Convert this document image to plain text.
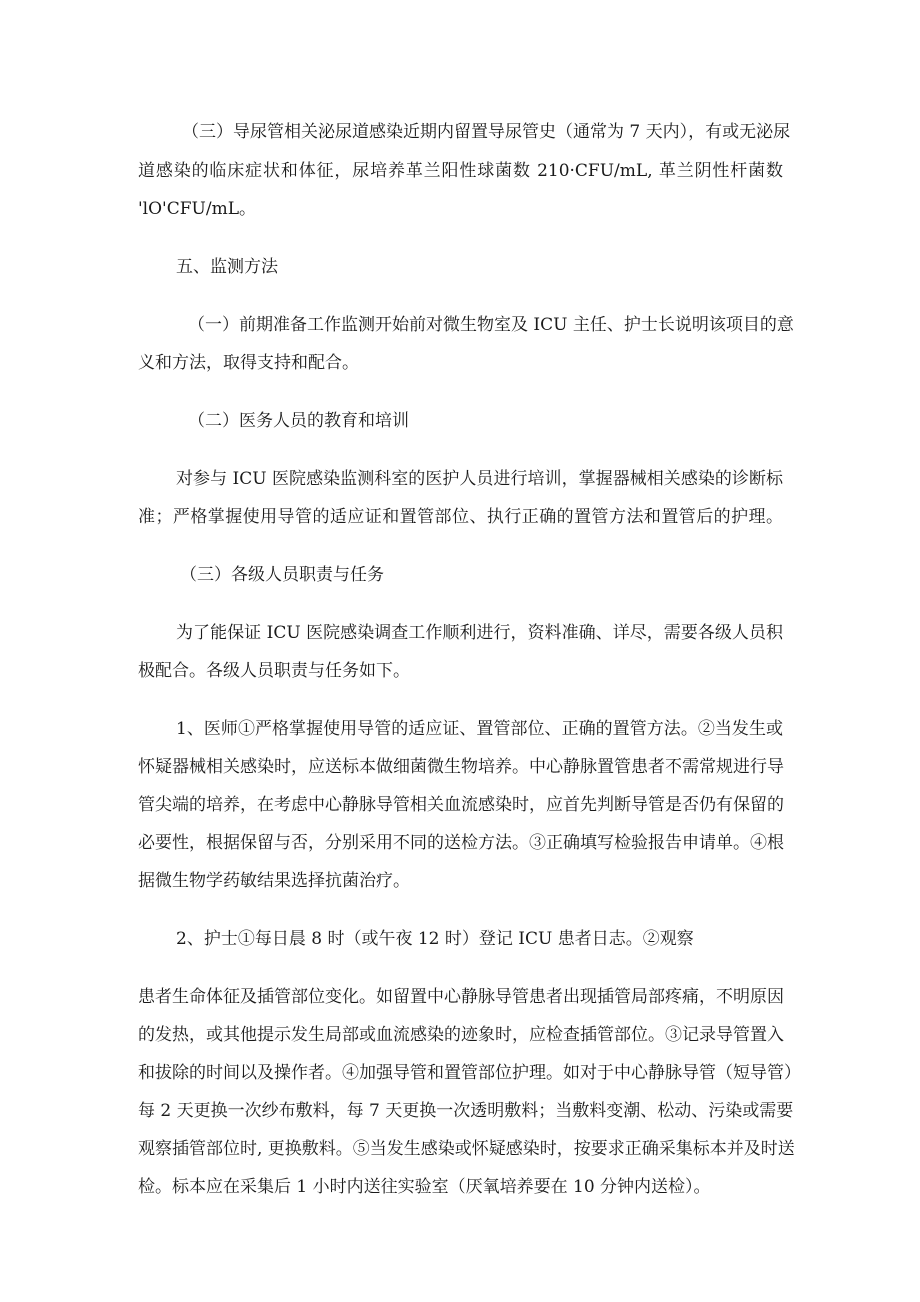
（三）导尿管相关泌尿道感染近期内留置导尿管史（通常为 7 天内），有或无泌尿

道感染的临床症状和体征，尿培养革兰阳性球菌数 210·CFU/mL, 革兰阴性杆菌数

'lO'CFU/mL。

五、监测方法

（一）前期准备工作监测开始前对微生物室及 ICU 主任、护士长说明该项目的意

义和方法，取得支持和配合。

（二）医务人员的教育和培训

对参与 ICU 医院感染监测科室的医护人员进行培训，掌握器械相关感染的诊断标

准；严格掌握使用导管的适应证和置管部位、执行正确的置管方法和置管后的护理。

（三）各级人员职责与任务

为了能保证 ICU 医院感染调查工作顺利进行，资料准确、详尽，需要各级人员积

极配合。各级人员职责与任务如下。

1、医师①严格掌握使用导管的适应证、置管部位、正确的置管方法。②当发生或

怀疑器械相关感染时，应送标本做细菌微生物培养。中心静脉置管患者不需常规进行导

管尖端的培养，在考虑中心静脉导管相关血流感染时，应首先判断导管是否仍有保留的

必要性，根据保留与否，分别采用不同的送检方法。③正确填写检验报告申请单。④根

据微生物学药敏结果选择抗菌治疗。

2、护士①每日晨 8 时（或午夜 12 时）登记 ICU 患者日志。②观察

患者生命体征及插管部位变化。如留置中心静脉导管患者出现插管局部疼痛，不明原因

的发热，或其他提示发生局部或血流感染的迹象时，应检查插管部位。③记录导管置入

和拔除的时间以及操作者。④加强导管和置管部位护理。如对于中心静脉导管（短导管）

每 2 天更换一次纱布敷料，每 7 天更换一次透明敷料；当敷料变潮、松动、污染或需要

观察插管部位时, 更换敷料。⑤当发生感染或怀疑感染时，按要求正确采集标本并及时送

检。标本应在采集后 1 小时内送往实验室（厌氧培养要在 10 分钟内送检）。
